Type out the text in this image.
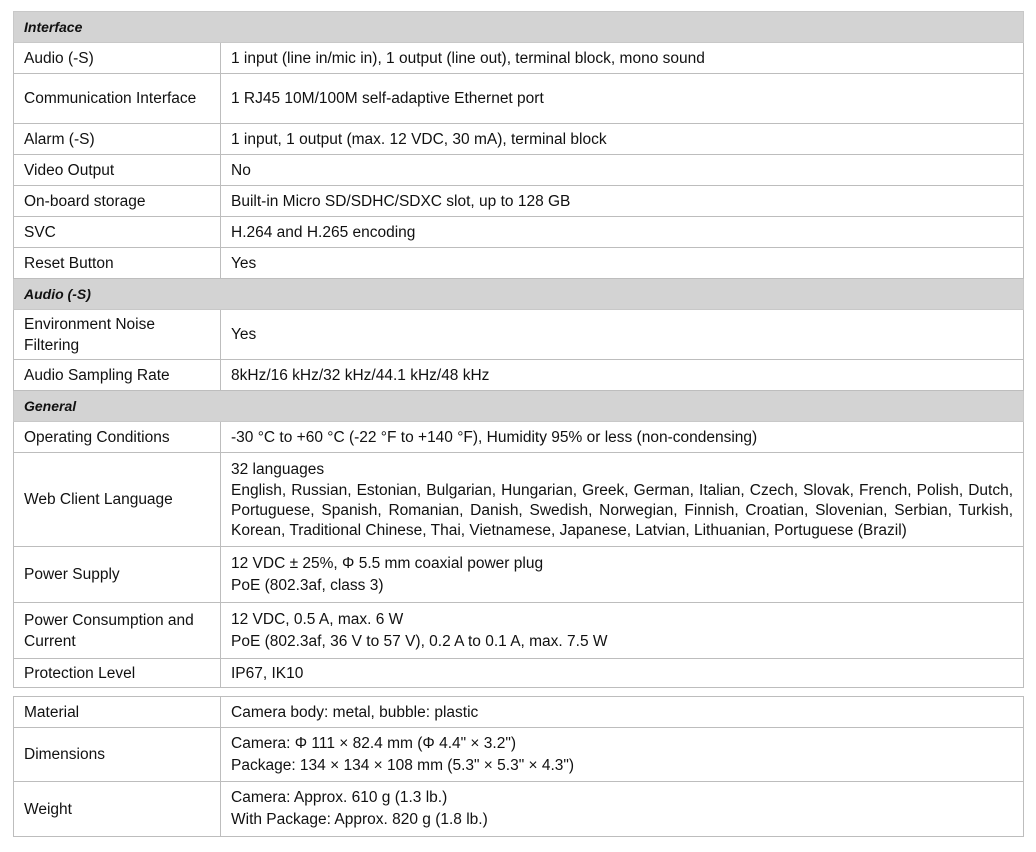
Interface	
Audio (-S)	1 input (line in/mic in), 1 output (line out), terminal block, mono sound
Communication Interface	1 RJ45 10M/100M self-adaptive Ethernet port
Alarm (-S)	1 input, 1 output (max. 12 VDC, 30 mA), terminal block
Video Output	No
On-board storage	Built-in Micro SD/SDHC/SDXC slot, up to 128 GB
SVC	H.264 and H.265 encoding
Reset Button	Yes
Audio (-S)	
Environment Noise Filtering	Yes
Audio Sampling Rate	8kHz/16 kHz/32 kHz/44.1 kHz/48 kHz
General	
Operating Conditions	-30 °C to +60 °C (-22 °F to +140 °F), Humidity 95% or less (non-condensing)
Web Client Language	32 languages
English, Russian, Estonian, Bulgarian, Hungarian, Greek, German, Italian, Czech, Slovak, French, Polish, Dutch, Portuguese, Spanish, Romanian, Danish, Swedish, Norwegian, Finnish, Croatian, Slovenian, Serbian, Turkish, Korean, Traditional Chinese, Thai, Vietnamese, Japanese, Latvian, Lithuanian, Portuguese (Brazil)

Power Supply	12 VDC ± 25%, Φ 5.5 mm coaxial power plug
PoE (802.3af, class 3)

Power Consumption and Current	12 VDC, 0.5 A, max. 6 W
PoE (802.3af, 36 V to 57 V), 0.2 A to 0.1 A, max. 7.5 W

Protection Level	IP67, IK10
Material	Camera body: metal, bubble: plastic
Dimensions	Camera: Φ 111 × 82.4 mm (Φ 4.4" × 3.2")
Package: 134 × 134 × 108 mm (5.3" × 5.3" × 4.3")

Weight	Camera: Approx. 610 g (1.3 lb.)
With Package: Approx. 820 g (1.8 lb.)
